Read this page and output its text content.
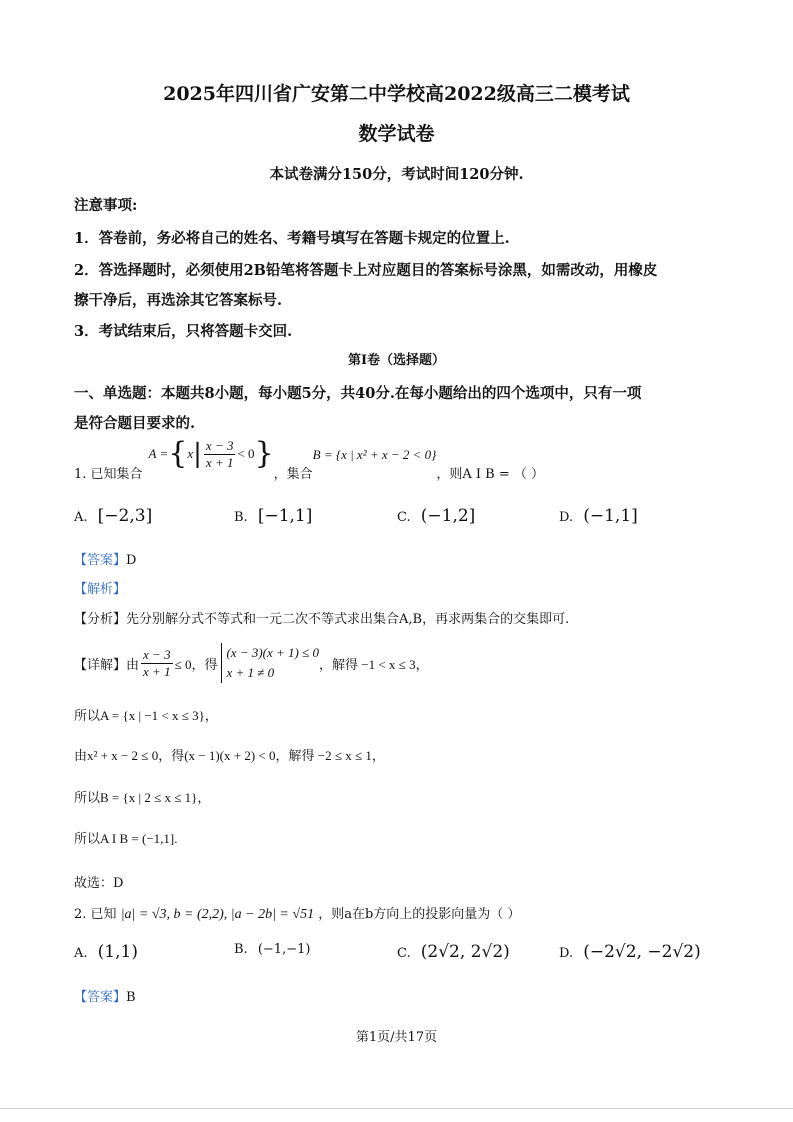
2025年四川省广安第二中学校高2022级高三二模考试
数学试卷
本试卷满分150分，考试时间120分钟.
注意事项:
1．答卷前，务必将自己的姓名、考籍号填写在答题卡规定的位置上.
2．答选择题时，必须使用2B铅笔将答题卡上对应题目的答案标号涂黑，如需改动，用橡皮
擦干净后，再选涂其它答案标号.
3．考试结束后，只将答题卡交回.
第I卷（选择题）
一、单选题：本题共8小题，每小题5分，共40分.在每小题给出的四个选项中，只有一项
是符合题目要求的.
1. 已知集合
A = { x | $\frac{x - 3}{x + 1} < 0$ }
，集合
B = {x | x² + x − 2 < 0}
，则A I B = （ ）
A. [−2,3]	B. [−1,1]	C. (−1,2]	D. (−1,1]
【答案】D
【解析】
【分析】先分别解分式不等式和一元二次不等式求出集合A,B，再求两集合的交集即可.
【详解】 由 $\frac{x - 3}{x + 1} \le 0$，得
(x − 3)(x + 1) ≤ 0
x + 1 ≠ 0
，解得 −1 < x ≤ 3，
所以A = {x | −1 < x ≤ 3}，
由x² + x − 2 ≤ 0，得(x − 1)(x + 2) < 0，解得 −2 ≤ x ≤ 1，
所以B = {x | 2 ≤ x ≤ 1}，
所以A I B = (−1,1].
故选：D
2. 已知 |a| = √3, b = (2,2), |a − 2b| = √51 ，则a在b方向上的投影向量为（ ）
A. (1,1)	B. (−1,−1)	C. (2√2, 2√2)	D. (−2√2, −2√2)
【答案】B
第1页/共17页
